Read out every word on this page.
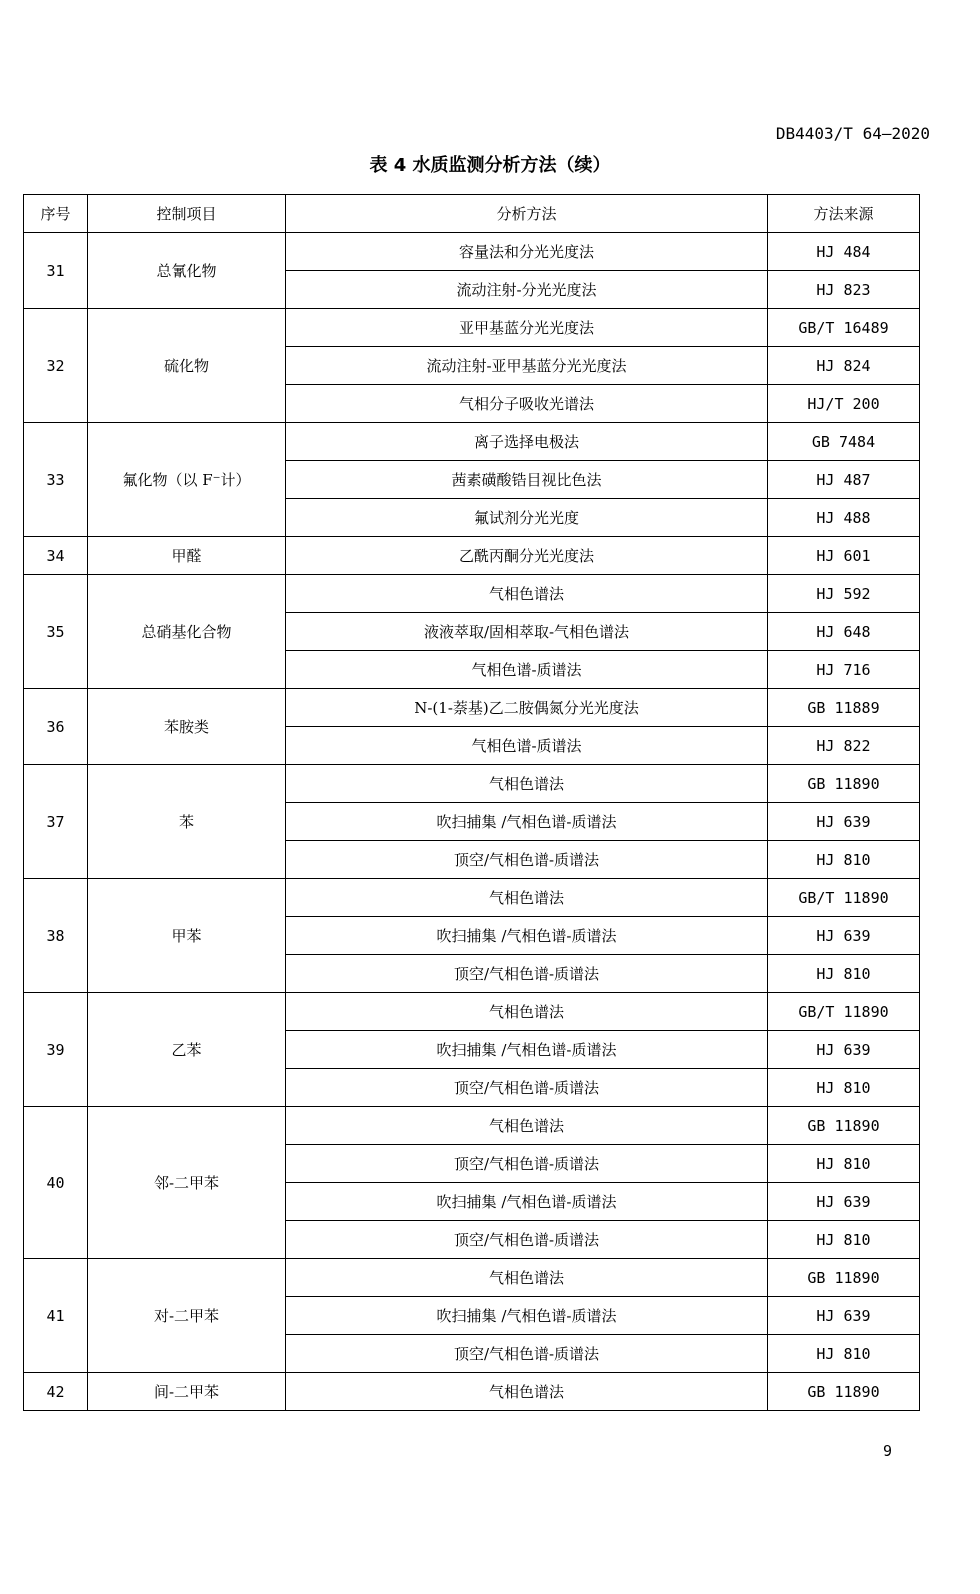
DB4403/T 64—2020
表 4 水质监测分析方法（续）
序号	控制项目	分析方法	方法来源
31	总氰化物	容量法和分光光度法	HJ 484
		流动注射-分光光度法	HJ 823
32	硫化物	亚甲基蓝分光光度法	GB/T 16489
		流动注射-亚甲基蓝分光光度法	HJ 824
		气相分子吸收光谱法	HJ/T 200
33	氟化物（以 F⁻计）	离子选择电极法	GB 7484
		茜素磺酸锆目视比色法	HJ 487
		氟试剂分光光度	HJ 488
34	甲醛	乙酰丙酮分光光度法	HJ 601
35	总硝基化合物	气相色谱法	HJ 592
		液液萃取/固相萃取-气相色谱法	HJ 648
		气相色谱-质谱法	HJ 716
36	苯胺类	N-(1-萘基)乙二胺偶氮分光光度法	GB 11889
		气相色谱-质谱法	HJ 822
37	苯	气相色谱法	GB 11890
		吹扫捕集 /气相色谱-质谱法	HJ 639
		顶空/气相色谱-质谱法	HJ 810
38	甲苯	气相色谱法	GB/T 11890
		吹扫捕集 /气相色谱-质谱法	HJ 639
		顶空/气相色谱-质谱法	HJ 810
39	乙苯	气相色谱法	GB/T 11890
		吹扫捕集 /气相色谱-质谱法	HJ 639
		顶空/气相色谱-质谱法	HJ 810
40	邻-二甲苯	气相色谱法	GB 11890
		顶空/气相色谱-质谱法	HJ 810
		吹扫捕集 /气相色谱-质谱法	HJ 639
		顶空/气相色谱-质谱法	HJ 810
41	对-二甲苯	气相色谱法	GB 11890
		吹扫捕集 /气相色谱-质谱法	HJ 639
		顶空/气相色谱-质谱法	HJ 810
42	间-二甲苯	气相色谱法	GB 11890
9
